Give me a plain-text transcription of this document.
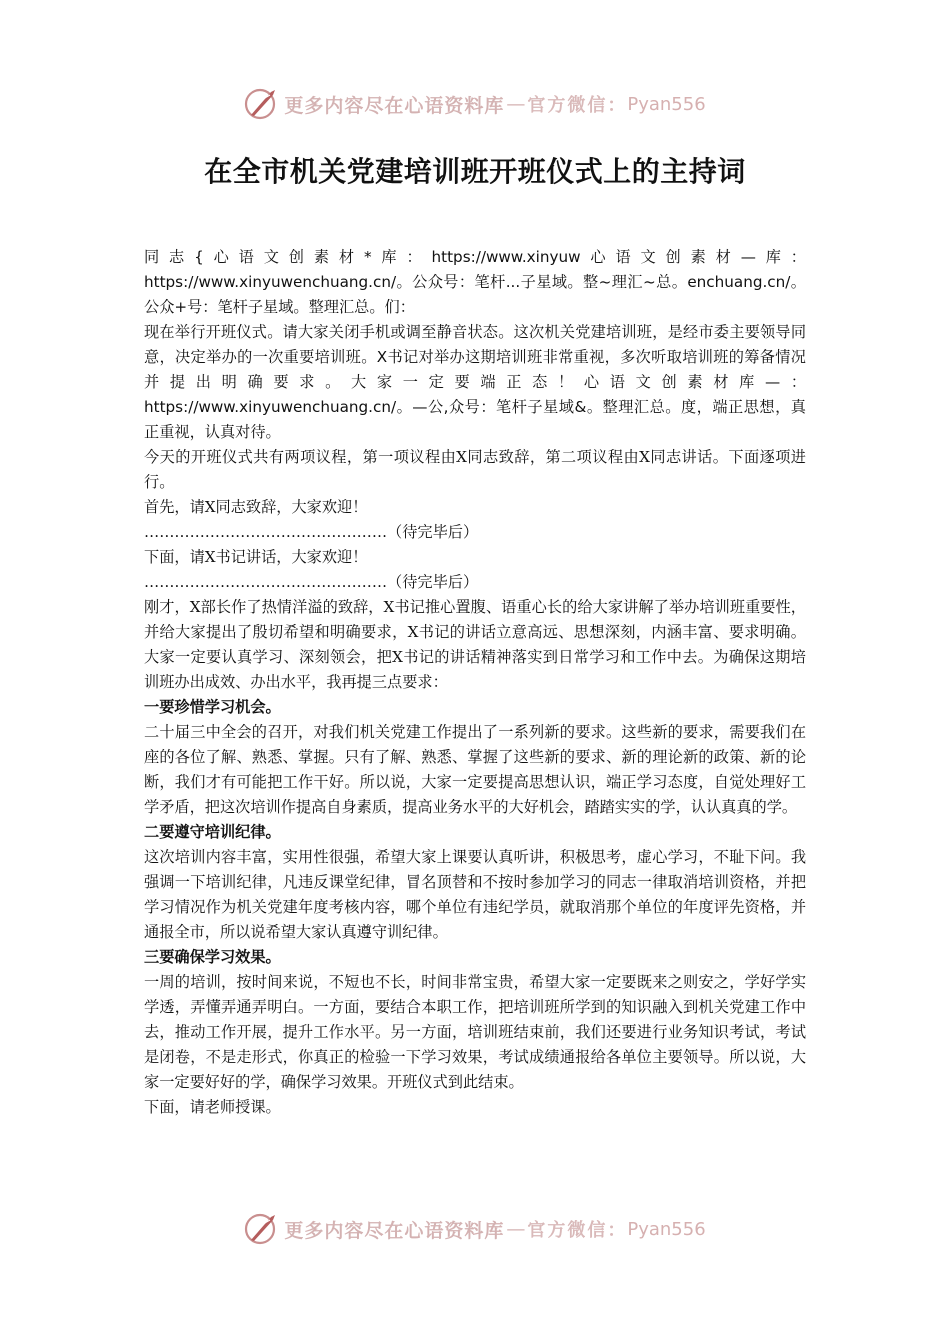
更多内容尽在心语资料库 — 官方微信： Pyan556
在全市机关党建培训班开班仪式上的主持词

同志{心语文创素材*库：https://www.xinyuw心语文创素材—库：https://www.xinyuwenchuang.cn/。公众号：笔杆...子星域。整~理汇~总。enchuang.cn/。公众+号：笔杆子星域。整理汇总。们：

现在举行开班仪式。请大家关闭手机或调至静音状态。这次机关党建培训班，是经市委主要领导同意，决定举办的一次重要培训班。X书记对举办这期培训班非常重视，多次听取培训班的筹备情况并提出明确要求。大家一定要端正态！心语文创素材库—：https://www.xinyuwenchuang.cn/。—公,众号：笔杆子星域&。整理汇总。度，端正思想，真正重视，认真对待。

今天的开班仪式共有两项议程，第一项议程由X同志致辞，第二项议程由X同志讲话。下面逐项进行。

首先，请X同志致辞，大家欢迎！

…………………………………………（待完毕后）

下面，请X书记讲话，大家欢迎！

…………………………………………（待完毕后）

刚才，X部长作了热情洋溢的致辞，X书记推心置腹、语重心长的给大家讲解了举办培训班重要性，并给大家提出了殷切希望和明确要求，X书记的讲话立意高远、思想深刻，内涵丰富、要求明确。大家一定要认真学习、深刻领会，把X书记的讲话精神落实到日常学习和工作中去。为确保这期培训班办出成效、办出水平，我再提三点要求：

一要珍惜学习机会。

二十届三中全会的召开，对我们机关党建工作提出了一系列新的要求。这些新的要求，需要我们在座的各位了解、熟悉、掌握。只有了解、熟悉、掌握了这些新的要求、新的理论新的政策、新的论断，我们才有可能把工作干好。所以说，大家一定要提高思想认识，端正学习态度，自觉处理好工学矛盾，把这次培训作提高自身素质，提高业务水平的大好机会，踏踏实实的学，认认真真的学。

二要遵守培训纪律。

这次培训内容丰富，实用性很强，希望大家上课要认真听讲，积极思考，虚心学习，不耻下问。我强调一下培训纪律，凡违反课堂纪律，冒名顶替和不按时参加学习的同志一律取消培训资格，并把学习情况作为机关党建年度考核内容，哪个单位有违纪学员，就取消那个单位的年度评先资格，并通报全市，所以说希望大家认真遵守训纪律。

三要确保学习效果。

一周的培训，按时间来说，不短也不长，时间非常宝贵，希望大家一定要既来之则安之，学好学实学透，弄懂弄通弄明白。一方面，要结合本职工作，把培训班所学到的知识融入到机关党建工作中去，推动工作开展，提升工作水平。另一方面，培训班结束前，我们还要进行业务知识考试，考试是闭卷，不是走形式，你真正的检验一下学习效果，考试成绩通报给各单位主要领导。所以说，大家一定要好好的学，确保学习效果。开班仪式到此结束。

下面，请老师授课。

更多内容尽在心语资料库 — 官方微信： Pyan556
